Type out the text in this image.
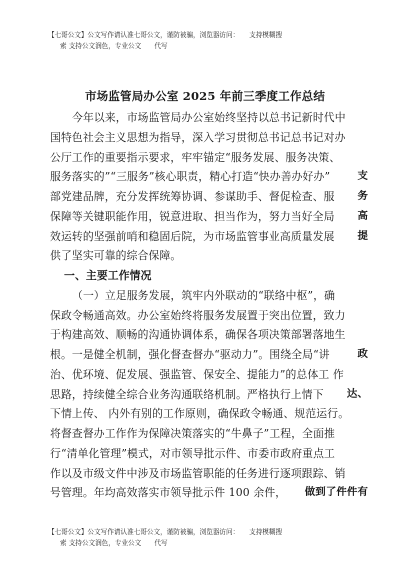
【七哥公文】公文写作请认准七哥公文，谨防被骗，浏览器访问：　　支持模糊搜
索 支持公文润色，专业公文　　代写
市场监管局办公室 2025 年前三季度工作总结
今年以来，市场监管局办公室始终坚持以总书记新时代中
国特色社会主义思想为指导，深入学习贯彻总书记总书记对办
公厅工作的重要指示要求，牢牢锚定“服务发展、服务决策、
服务落实的”“三服务”核心职责，精心打造“快办善办好办”	支
部党建品牌，充分发挥统筹协调、参谋助手、督促检查、服 务
保障等关键职能作用，锐意进取、担当作为，努力当好全局 高
效运转的坚强前哨和稳固后院，为市场监管事业高质量发展 提
供了坚实可靠的综合保障。
一、主要工作情况
（一）立足服务发展，筑牢内外联动的“联络中枢”，确
保政令畅通高效。办公室始终将服务发展置于突出位置，致力
于构建高效、顺畅的沟通协调体系，确保各项决策部署落地生
根。一是健全机制，强化督查督办“驱动力”。围绕全局“讲	政
治、优环境、促发展、强监管、保安全、提能力”的总体工 作
思路，持续健全综合业务沟通联络机制。严格执行上情下 达、
下情上传、 内外有别的工作原则，确保政令畅通、规范运行。
将督查督办工作作为保障决策落实的“牛鼻子”工程，全面推
行“清单化管理”模式，对市领导批示件、市委市政府重点工
作以及市级文件中涉及市场监管职能的任务进行逐项跟踪、销
号管理。年均高效落实市领导批示件 100 余件， 做到了件件有
【七哥公文】公文写作请认准七哥公文，谨防被骗，浏览器访问：　　支持模糊搜
索 支持公文润色，专业公文　　代写
